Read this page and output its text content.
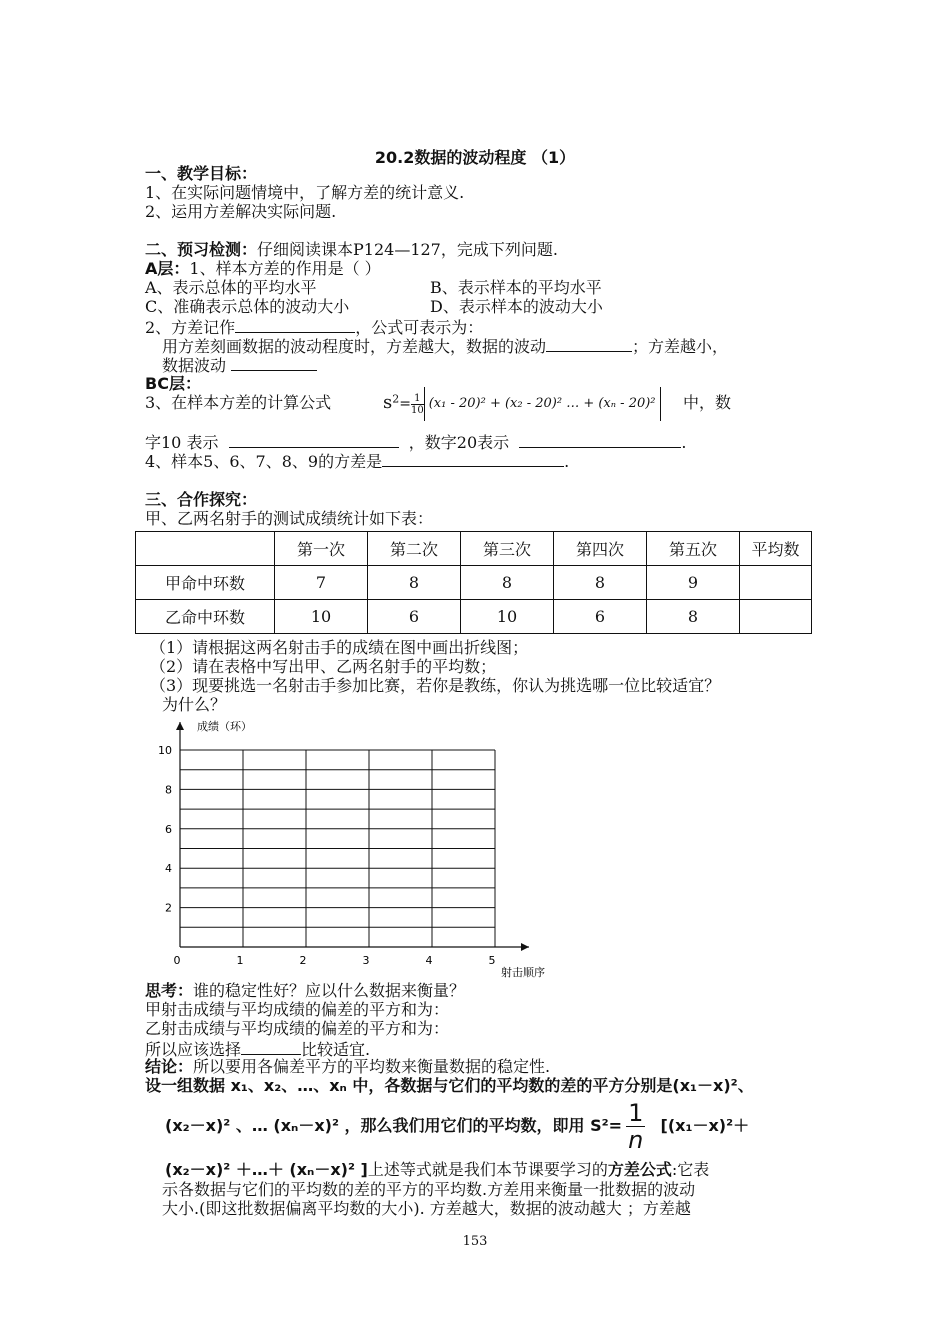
20.2数据的波动程度 （1）
一、教学目标：
1、在实际问题情境中，了解方差的统计意义.
2、运用方差解决实际问题.
二、预习检测：仔细阅读课本P124—127，完成下列问题.
A层：1、样本方差的作用是（ ）
A、表示总体的平均水平	B、表示样本的平均水平
C、准确表示总体的波动大小	D、表示样本的波动大小
2、方差记作	，公式可表示为：
用方差刻画数据的波动程度时，方差越大，数据的波动	；方差越小，
数据波动
BC层：
3、在样本方差的计算公式	$s^2= \frac{1}{10} (x_1 - 20)^2 + (x_2 - 20)^2$ … + (xₙ - 20)²	中，数
字10 表示	，数字20表示	.
4、样本5、6、7、8、9的方差是	.
三、合作探究：
甲、乙两名射手的测试成绩统计如下表：
	第一次	第二次	第三次	第四次	第五次	平均数
甲命中环数	7	8	8	8	9	
乙命中环数	10	6	10	6	8	
（1）请根据这两名射击手的成绩在图中画出折线图；
（2）请在表格中写出甲、乙两名射手的平均数；
（3）现要挑选一名射击手参加比赛，若你是教练，你认为挑选哪一位比较适宜？
为什么？
0	1	2	3	4	5
2
4
6
8
10
成绩（环）
射击顺序
思考：谁的稳定性好？应以什么数据来衡量？
甲射击成绩与平均成绩的偏差的平方和为：
乙射击成绩与平均成绩的偏差的平方和为：
所以应该选择	比较适宜.
结论：所以要用各偏差平方的平均数来衡量数据的稳定性.
设一组数据 x₁、x₂、…、xₙ 中，各数据与它们的平均数的差的平方分别是(x₁－x)²、
(x₂－x)² 、… (xₙ－x)² ，那么我们用它们的平均数，即用 $S^2= \frac{1}{n} [(x_1-x)^2+$
(x₂－x)² ＋…＋ (xₙ－x)² ]上述等式就是我们本节课要学习的方差公式:它表
示各数据与它们的平均数的差的平方的平均数.方差用来衡量一批数据的波动
大小.(即这批数据偏离平均数的大小). 方差越大，数据的波动越大 ；方差越
153
